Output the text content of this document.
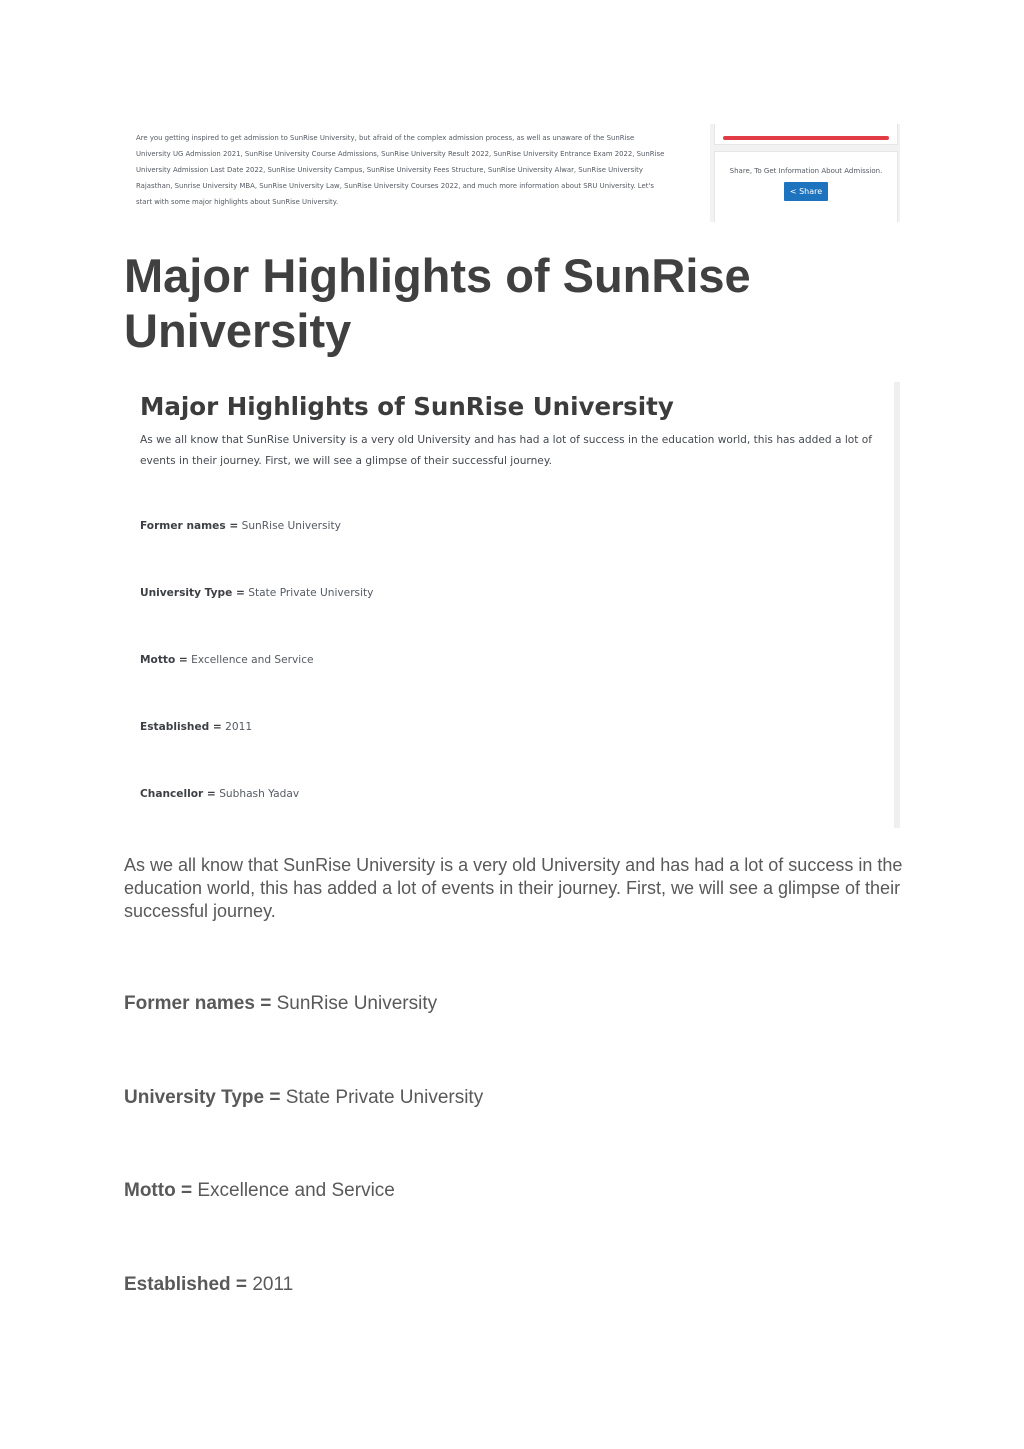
Are you getting inspired to get admission to SunRise University, but afraid of the complex admission process, as well as unaware of the SunRise University UG Admission 2021, SunRise University Course Admissions, SunRise University Result 2022, SunRise University Entrance Exam 2022, SunRise University Admission Last Date 2022, SunRise University Campus, SunRise University Fees Structure, SunRise University Alwar, SunRise University Rajasthan, Sunrise University MBA, SunRise University Law, SunRise University Courses 2022, and much more information about SRU University. Let's start with some major highlights about SunRise University.
Share, To Get Information About Admission.
< Share
Major Highlights of SunRise University
Major Highlights of SunRise University
As we all know that SunRise University is a very old University and has had a lot of success in the education world, this has added a lot of events in their journey. First, we will see a glimpse of their successful journey.
Former names = SunRise University
University Type = State Private University
Motto = Excellence and Service
Established = 2011
Chancellor = Subhash Yadav
As we all know that SunRise University is a very old University and has had a lot of success in the education world, this has added a lot of events in their journey. First, we will see a glimpse of their successful journey.
Former names = SunRise University
University Type = State Private University
Motto = Excellence and Service
Established = 2011
